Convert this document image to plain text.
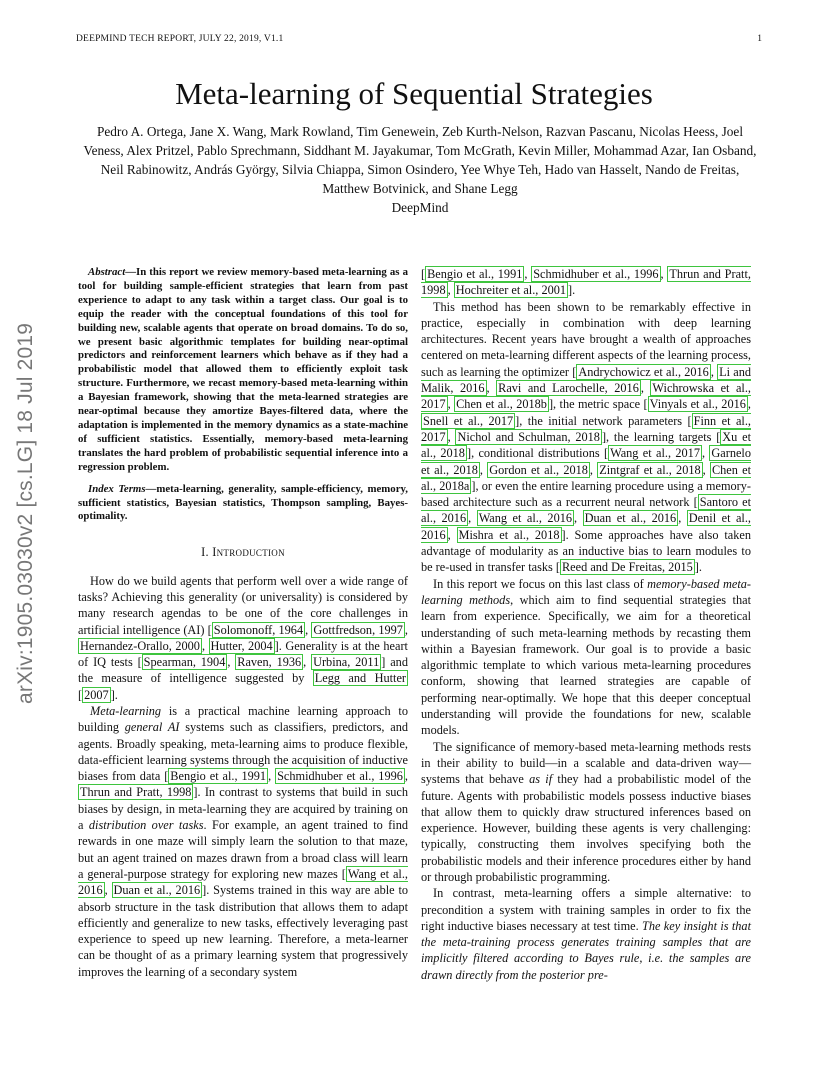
DEEPMIND TECH REPORT, JULY 22, 2019, V1.1	1
arXiv:1905.03030v2 [cs.LG] 18 Jul 2019
Meta-learning of Sequential Strategies
Pedro A. Ortega, Jane X. Wang, Mark Rowland, Tim Genewein, Zeb Kurth-Nelson, Razvan Pascanu, Nicolas Heess, Joel Veness, Alex Pritzel, Pablo Sprechmann, Siddhant M. Jayakumar, Tom McGrath, Kevin Miller, Mohammad Azar, Ian Osband, Neil Rabinowitz, András György, Silvia Chiappa, Simon Osindero, Yee Whye Teh, Hado van Hasselt, Nando de Freitas, Matthew Botvinick, and Shane Legg
DeepMind

Abstract—In this report we review memory-based meta-learning as a tool for building sample-efficient strategies that learn from past experience to adapt to any task within a target class. Our goal is to equip the reader with the conceptual foundations of this tool for building new, scalable agents that operate on broad domains. To do so, we present basic algorithmic templates for building near-optimal predictors and reinforcement learners which behave as if they had a probabilistic model that allowed them to efficiently exploit task structure. Furthermore, we recast memory-based meta-learning within a Bayesian framework, showing that the meta-learned strategies are near-optimal because they amortize Bayes-filtered data, where the adaptation is implemented in the memory dynamics as a state-machine of sufficient statistics. Essentially, memory-based meta-learning translates the hard problem of probabilistic sequential inference into a regression problem.

Index Terms—meta-learning, generality, sample-efficiency, memory, sufficient statistics, Bayesian statistics, Thompson sampling, Bayes-optimality.

I. Introduction

How do we build agents that perform well over a wide range of tasks? Achieving this generality (or universality) is considered by many research agendas to be one of the core challenges in artificial intelligence (AI) [ Solomonoff, 1964 , Gottfredson, 1997 , Hernandez-Orallo, 2000 , Hutter, 2004 ]. Generality is at the heart of IQ tests [ Spearman, 1904 , Raven, 1936 , Urbina, 2011 ] and the measure of intelligence suggested by Legg and Hutter [ 2007 ].

Meta-learning is a practical machine learning approach to building general AI systems such as classifiers, predictors, and agents. Broadly speaking, meta-learning aims to produce flexible, data-efficient learning systems through the acquisition of inductive biases from data [ Bengio et al., 1991 , Schmidhuber et al., 1996 , Thrun and Pratt, 1998 ]. In contrast to systems that build in such biases by design, in meta-learning they are acquired by training on a distribution over tasks. For example, an agent trained to find rewards in one maze will simply learn the solution to that maze, but an agent trained on mazes drawn from a broad class will learn a general-purpose strategy for exploring new mazes [ Wang et al., 2016 , Duan et al., 2016 ]. Systems trained in this way are able to absorb structure in the task distribution that allows them to adapt efficiently and generalize to new tasks, effectively leveraging past experience to speed up new learning. Therefore, a meta-learner can be thought of as a primary learning system that progressively improves the learning of a secondary system

[ Bengio et al., 1991 , Schmidhuber et al., 1996 , Thrun and Pratt, 1998 , Hochreiter et al., 2001 ].

This method has been shown to be remarkably effective in practice, especially in combination with deep learning architectures. Recent years have brought a wealth of approaches centered on meta-learning different aspects of the learning process, such as learning the optimizer [ Andrychowicz et al., 2016 , Li and Malik, 2016 , Ravi and Larochelle, 2016 , Wichrowska et al., 2017 , Chen et al., 2018b ], the metric space [ Vinyals et al., 2016 , Snell et al., 2017 ], the initial network parameters [ Finn et al., 2017 , Nichol and Schulman, 2018 ], the learning targets [ Xu et al., 2018 ], conditional distributions [ Wang et al., 2017 , Garnelo et al., 2018 , Gordon et al., 2018 , Zintgraf et al., 2018 , Chen et al., 2018a ], or even the entire learning procedure using a memory-based architecture such as a recurrent neural network [ Santoro et al., 2016 , Wang et al., 2016 , Duan et al., 2016 , Denil et al., 2016 , Mishra et al., 2018 ]. Some approaches have also taken advantage of modularity as an inductive bias to learn modules to be re-used in transfer tasks [ Reed and De Freitas, 2015 ].

In this report we focus on this last class of memory-based meta-learning methods, which aim to find sequential strategies that learn from experience. Specifically, we aim for a theoretical understanding of such meta-learning methods by recasting them within a Bayesian framework. Our goal is to provide a basic algorithmic template to which various meta-learning procedures conform, showing that learned strategies are capable of performing near-optimally. We hope that this deeper conceptual understanding will provide the foundations for new, scalable models.

The significance of memory-based meta-learning methods rests in their ability to build—in a scalable and data-driven way—systems that behave as if they had a probabilistic model of the future. Agents with probabilistic models possess inductive biases that allow them to quickly draw structured inferences based on experience. However, building these agents is very challenging: typically, constructing them involves specifying both the probabilistic models and their inference procedures either by hand or through probabilistic programming.

In contrast, meta-learning offers a simple alternative: to precondition a system with training samples in order to fix the right inductive biases necessary at test time. The key insight is that the meta-training process generates training samples that are implicitly filtered according to Bayes rule, i.e. the samples are drawn directly from the posterior pre-
